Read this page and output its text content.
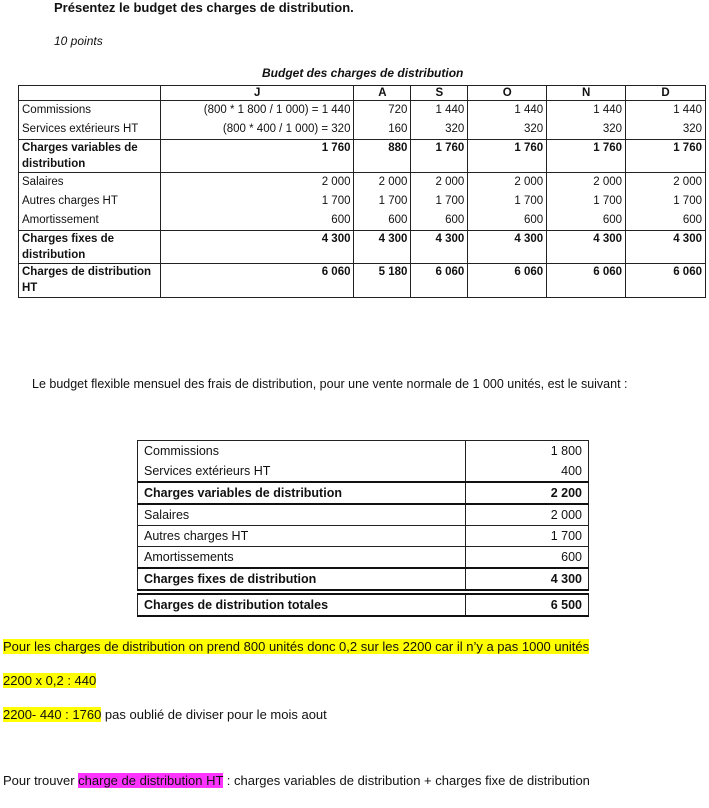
Présentez le budget des charges de distribution.
10 points
Budget des charges de distribution
	J	A	S	O	N	D
Commissions	(800 * 1 800 / 1 000) = 1 440	720	1 440	1 440	1 440	1 440
Services extérieurs HT	(800 * 400 / 1 000) = 320	160	320	320	320	320
Charges variables de distribution	1 760	880	1 760	1 760	1 760	1 760
Salaires	2 000	2 000	2 000	2 000	2 000	2 000
Autres charges HT	1 700	1 700	1 700	1 700	1 700	1 700
Amortissement	600	600	600	600	600	600
Charges fixes de distribution	4 300	4 300	4 300	4 300	4 300	4 300
Charges de distribution HT	6 060	5 180	6 060	6 060	6 060	6 060
Le budget flexible mensuel des frais de distribution, pour une vente normale de 1 000 unités, est le suivant :
Commissions	1 800
Services extérieurs HT	400
Charges variables de distribution	2 200
Salaires	2 000
Autres charges HT	1 700
Amortissements	600
Charges fixes de distribution	4 300

Charges de distribution totales	6 500
Pour les charges de distribution on prend 800 unités donc 0,2 sur les 2200 car il n’y a pas 1000 unités
2200 x 0,2 : 440
2200- 440 : 1760 pas oublié de diviser pour le mois aout
Pour trouver charge de distribution HT : charges variables de distribution + charges fixe de distribution
